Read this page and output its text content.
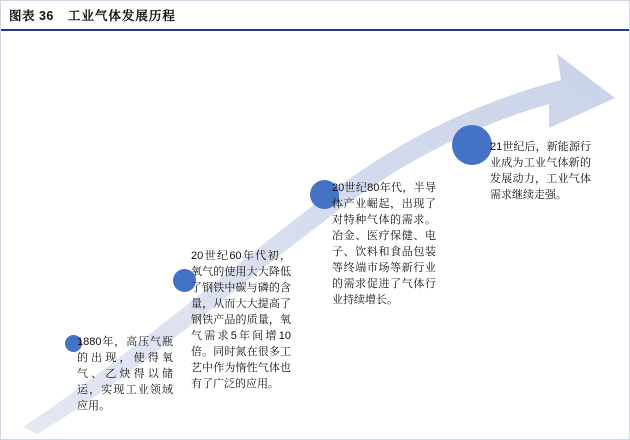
图表 36 工业气体发展历程
1880年，高压气瓶的出现，使得氧气、乙炔得以储运，实现工业领域应用。
20世纪60年代初，氧气的使用大大降低了钢铁中碳与磷的含量，从而大大提高了钢铁产品的质量，氧气需求5年间增10倍。同时氮在很多工艺中作为惰性气体也有了广泛的应用。
20世纪80年代，半导体产业崛起，出现了对特种气体的需求。冶金、医疗保健、电子、饮料和食品包装等终端市场等新行业的需求促进了气体行业持续增长。
21世纪后，新能源行业成为工业气体新的发展动力，工业气体需求继续走强。
